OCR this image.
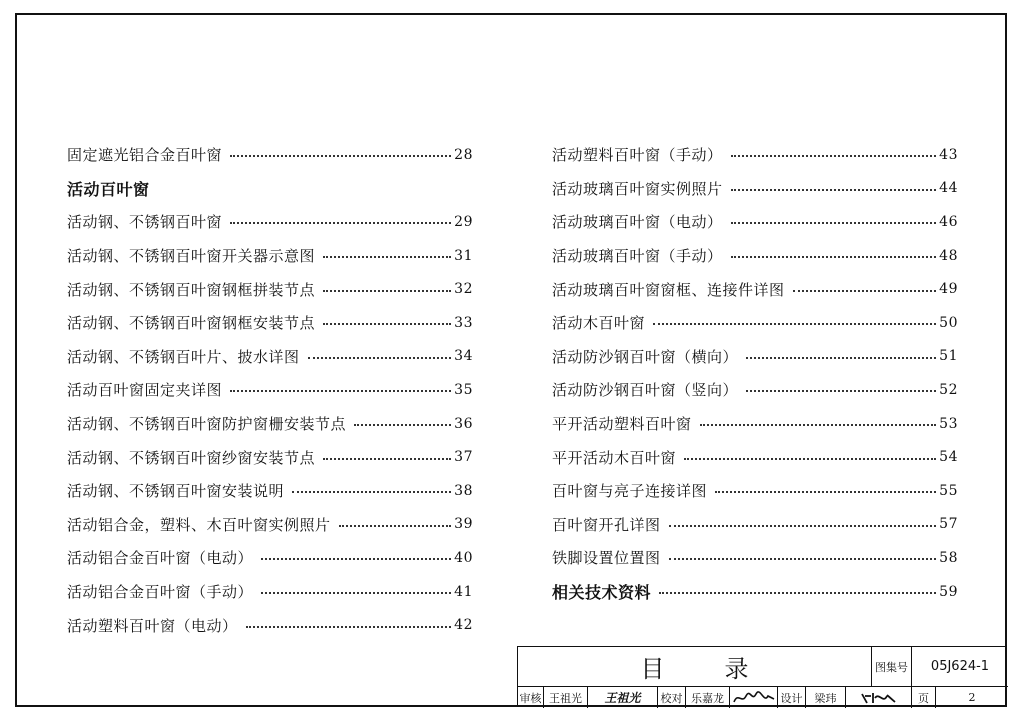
固定遮光铝合金百叶窗	28
活动百叶窗
活动钢、不锈钢百叶窗	29
活动钢、不锈钢百叶窗开关器示意图	31
活动钢、不锈钢百叶窗钢框拼装节点	32
活动钢、不锈钢百叶窗钢框安装节点	33
活动钢、不锈钢百叶片、披水详图	34
活动百叶窗固定夹详图	35
活动钢、不锈钢百叶窗防护窗栅安装节点	36
活动钢、不锈钢百叶窗纱窗安装节点	37
活动钢、不锈钢百叶窗安装说明	38
活动铝合金，塑料、木百叶窗实例照片	39
活动铝合金百叶窗（电动）	40
活动铝合金百叶窗（手动）	41
活动塑料百叶窗（电动）	42
活动塑料百叶窗（手动）	43
活动玻璃百叶窗实例照片	44
活动玻璃百叶窗（电动）	46
活动玻璃百叶窗（手动）	48
活动玻璃百叶窗窗框、连接件详图	49
活动木百叶窗	50
活动防沙钢百叶窗（横向）	51
活动防沙钢百叶窗（竖向）	52
平开活动塑料百叶窗	53
平开活动木百叶窗	54
百叶窗与亮子连接详图	55
百叶窗开孔详图	57
铁脚设置位置图	58
相关技术资料	59
目录	图集号	05J624-1
审核 王祖光	王祖光	校对 乐嘉龙	设计	梁玮	页	2
